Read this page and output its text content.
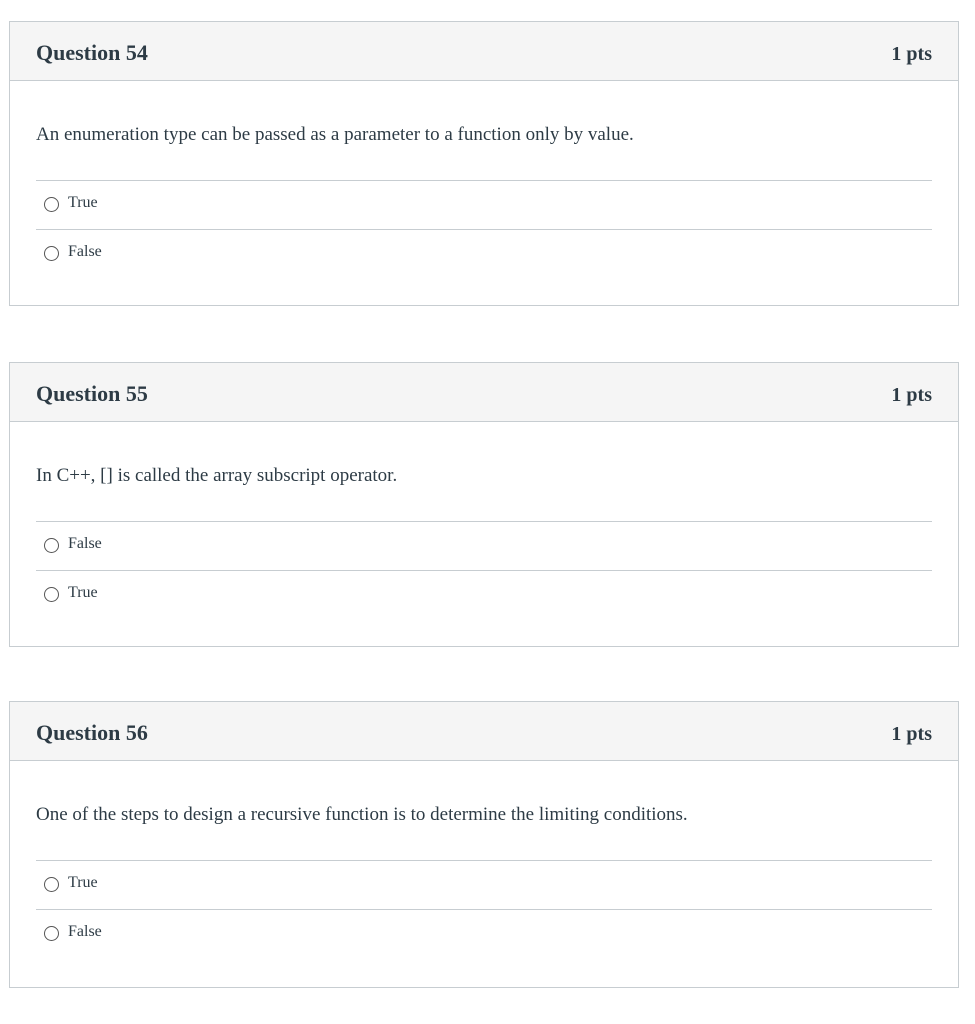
Question 54	1 pts

An enumeration type can be passed as a parameter to a function only by value.

True
False
Question 55	1 pts

In C++, [] is called the array subscript operator.

False
True
Question 56	1 pts

One of the steps to design a recursive function is to determine the limiting conditions.

True
False
